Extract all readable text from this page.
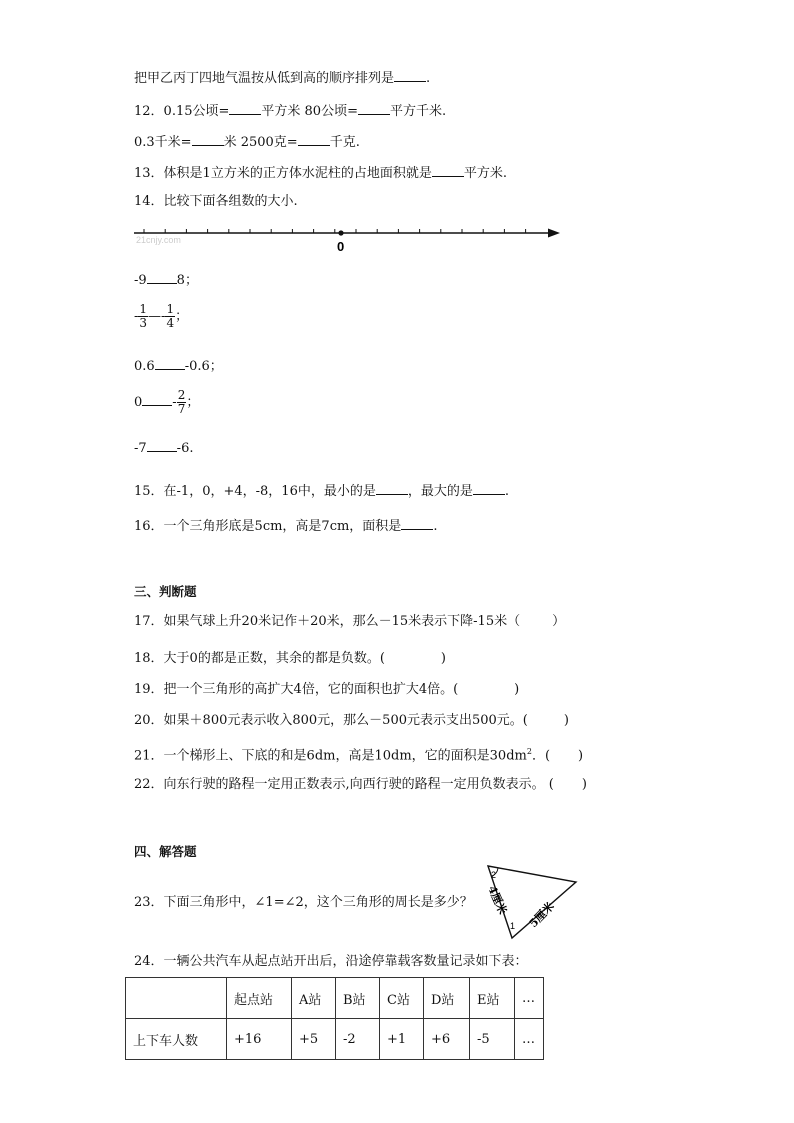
把甲乙丙丁四地气温按从低到高的顺序排列是 .
12．0.15公顷= 平方米 80公顷= 平方千米.
0.3千米= 米 2500克= 千克.
13．体积是1立方米的正方体水泥柱的占地面积就是 平方米.
14．比较下面各组数的大小.
0
21cnjy.com
-9 8；
- $\frac{1}{3}$ —- $\frac{1}{4}$ ；
0.6 -0.6；
$0 - \frac{2}{7}$ ；
-7 -6.
15．在-1，0，+4，-8，16中，最小的是 ，最大的是 .
16．一个三角形底是5cm，高是7cm，面积是 .
三、判断题
17．如果气球上升20米记作＋20米，那么－15米表示下降-15米（ ）
18．大于0的都是正数，其余的都是负数。(	)
19．把一个三角形的高扩大4倍，它的面积也扩大4倍。(	)
20．如果＋800元表示收入800元，那么－500元表示支出500元。(	)
21．一个梯形上、下底的和是6dm，高是10dm，它的面积是$30dm^2$．( )
22．向东行驶的路程一定用正数表示,向西行驶的路程一定用负数表示。 ( )
四、解答题
23．下面三角形中，∠1=∠2，这个三角形的周长是多少？
2
1
4厘米 5厘米
24．一辆公共汽车从起点站开出后，沿途停靠载客数量记录如下表：
	起点站	A站	B站	C站	D站	E站	…
上下车人数	+16	+5	-2	+1	+6	-5	…
